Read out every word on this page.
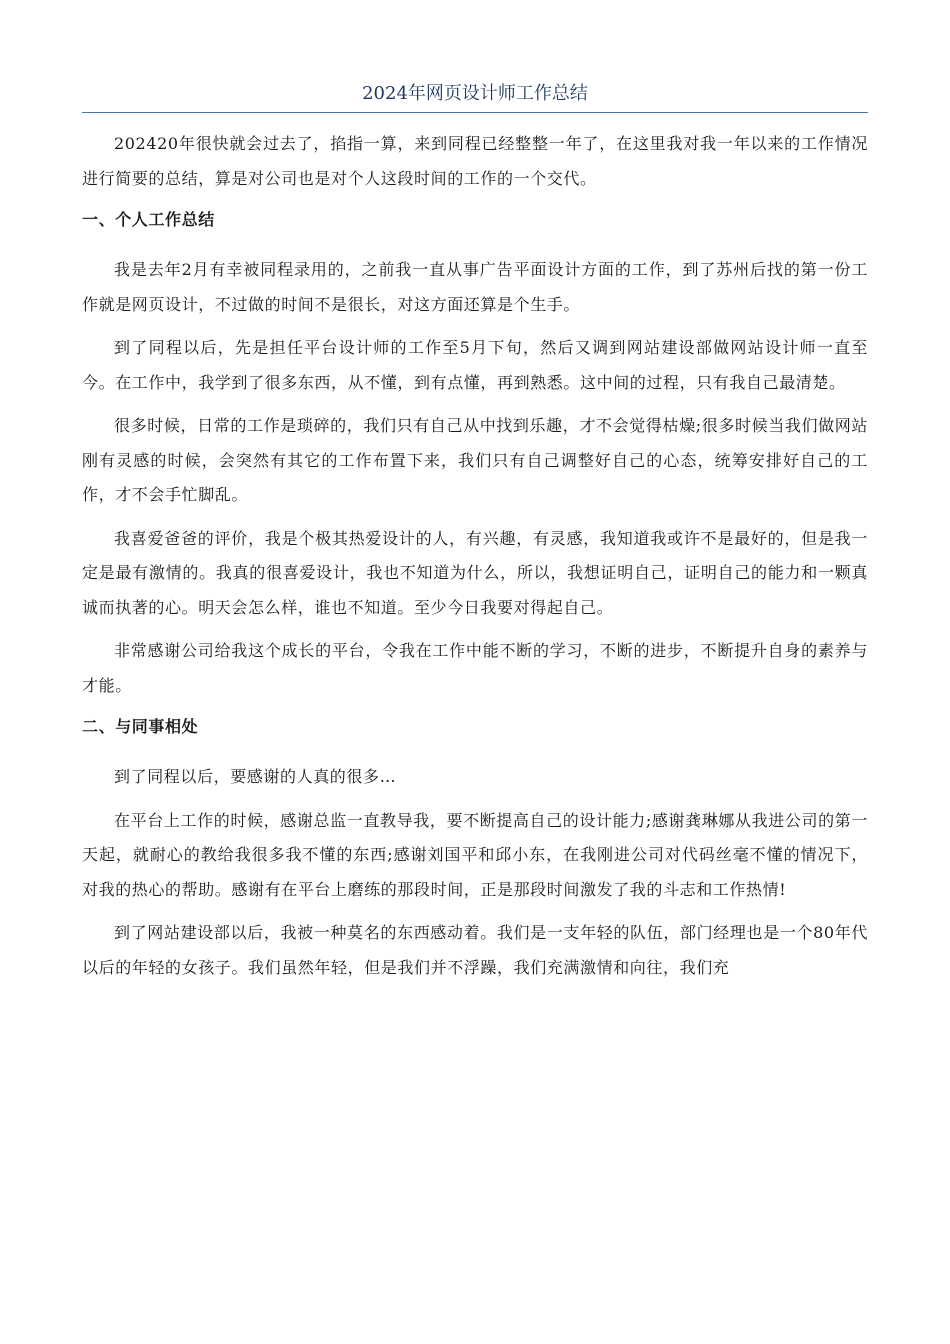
2024年网页设计师工作总结

202420年很快就会过去了，掐指一算，来到同程已经整整一年了，在这里我对我一年以来的工作情况进行简要的总结，算是对公司也是对个人这段时间的工作的一个交代。

一、个人工作总结

我是去年2月有幸被同程录用的，之前我一直从事广告平面设计方面的工作，到了苏州后找的第一份工作就是网页设计，不过做的时间不是很长，对这方面还算是个生手。

到了同程以后，先是担任平台设计师的工作至5月下旬，然后又调到网站建设部做网站设计师一直至今。在工作中，我学到了很多东西，从不懂，到有点懂，再到熟悉。这中间的过程，只有我自己最清楚。

很多时候，日常的工作是琐碎的，我们只有自己从中找到乐趣，才不会觉得枯燥;很多时候当我们做网站刚有灵感的时候，会突然有其它的工作布置下来，我们只有自己调整好自己的心态，统筹安排好自己的工作，才不会手忙脚乱。

我喜爱爸爸的评价，我是个极其热爱设计的人，有兴趣，有灵感，我知道我或许不是最好的，但是我一定是最有激情的。我真的很喜爱设计，我也不知道为什么，所以，我想证明自己，证明自己的能力和一颗真诚而执著的心。明天会怎么样，谁也不知道。至少今日我要对得起自己。

非常感谢公司给我这个成长的平台，令我在工作中能不断的学习，不断的进步，不断提升自身的素养与才能。

二、与同事相处

到了同程以后，要感谢的人真的很多…

在平台上工作的时候，感谢总监一直教导我，要不断提高自己的设计能力;感谢龚琳娜从我进公司的第一天起，就耐心的教给我很多我不懂的东西;感谢刘国平和邱小东，在我刚进公司对代码丝毫不懂的情况下，对我的热心的帮助。感谢有在平台上磨练的那段时间，正是那段时间激发了我的斗志和工作热情!

到了网站建设部以后，我被一种莫名的东西感动着。我们是一支年轻的队伍，部门经理也是一个80年代以后的年轻的女孩子。我们虽然年轻，但是我们并不浮躁，我们充满激情和向往，我们充
